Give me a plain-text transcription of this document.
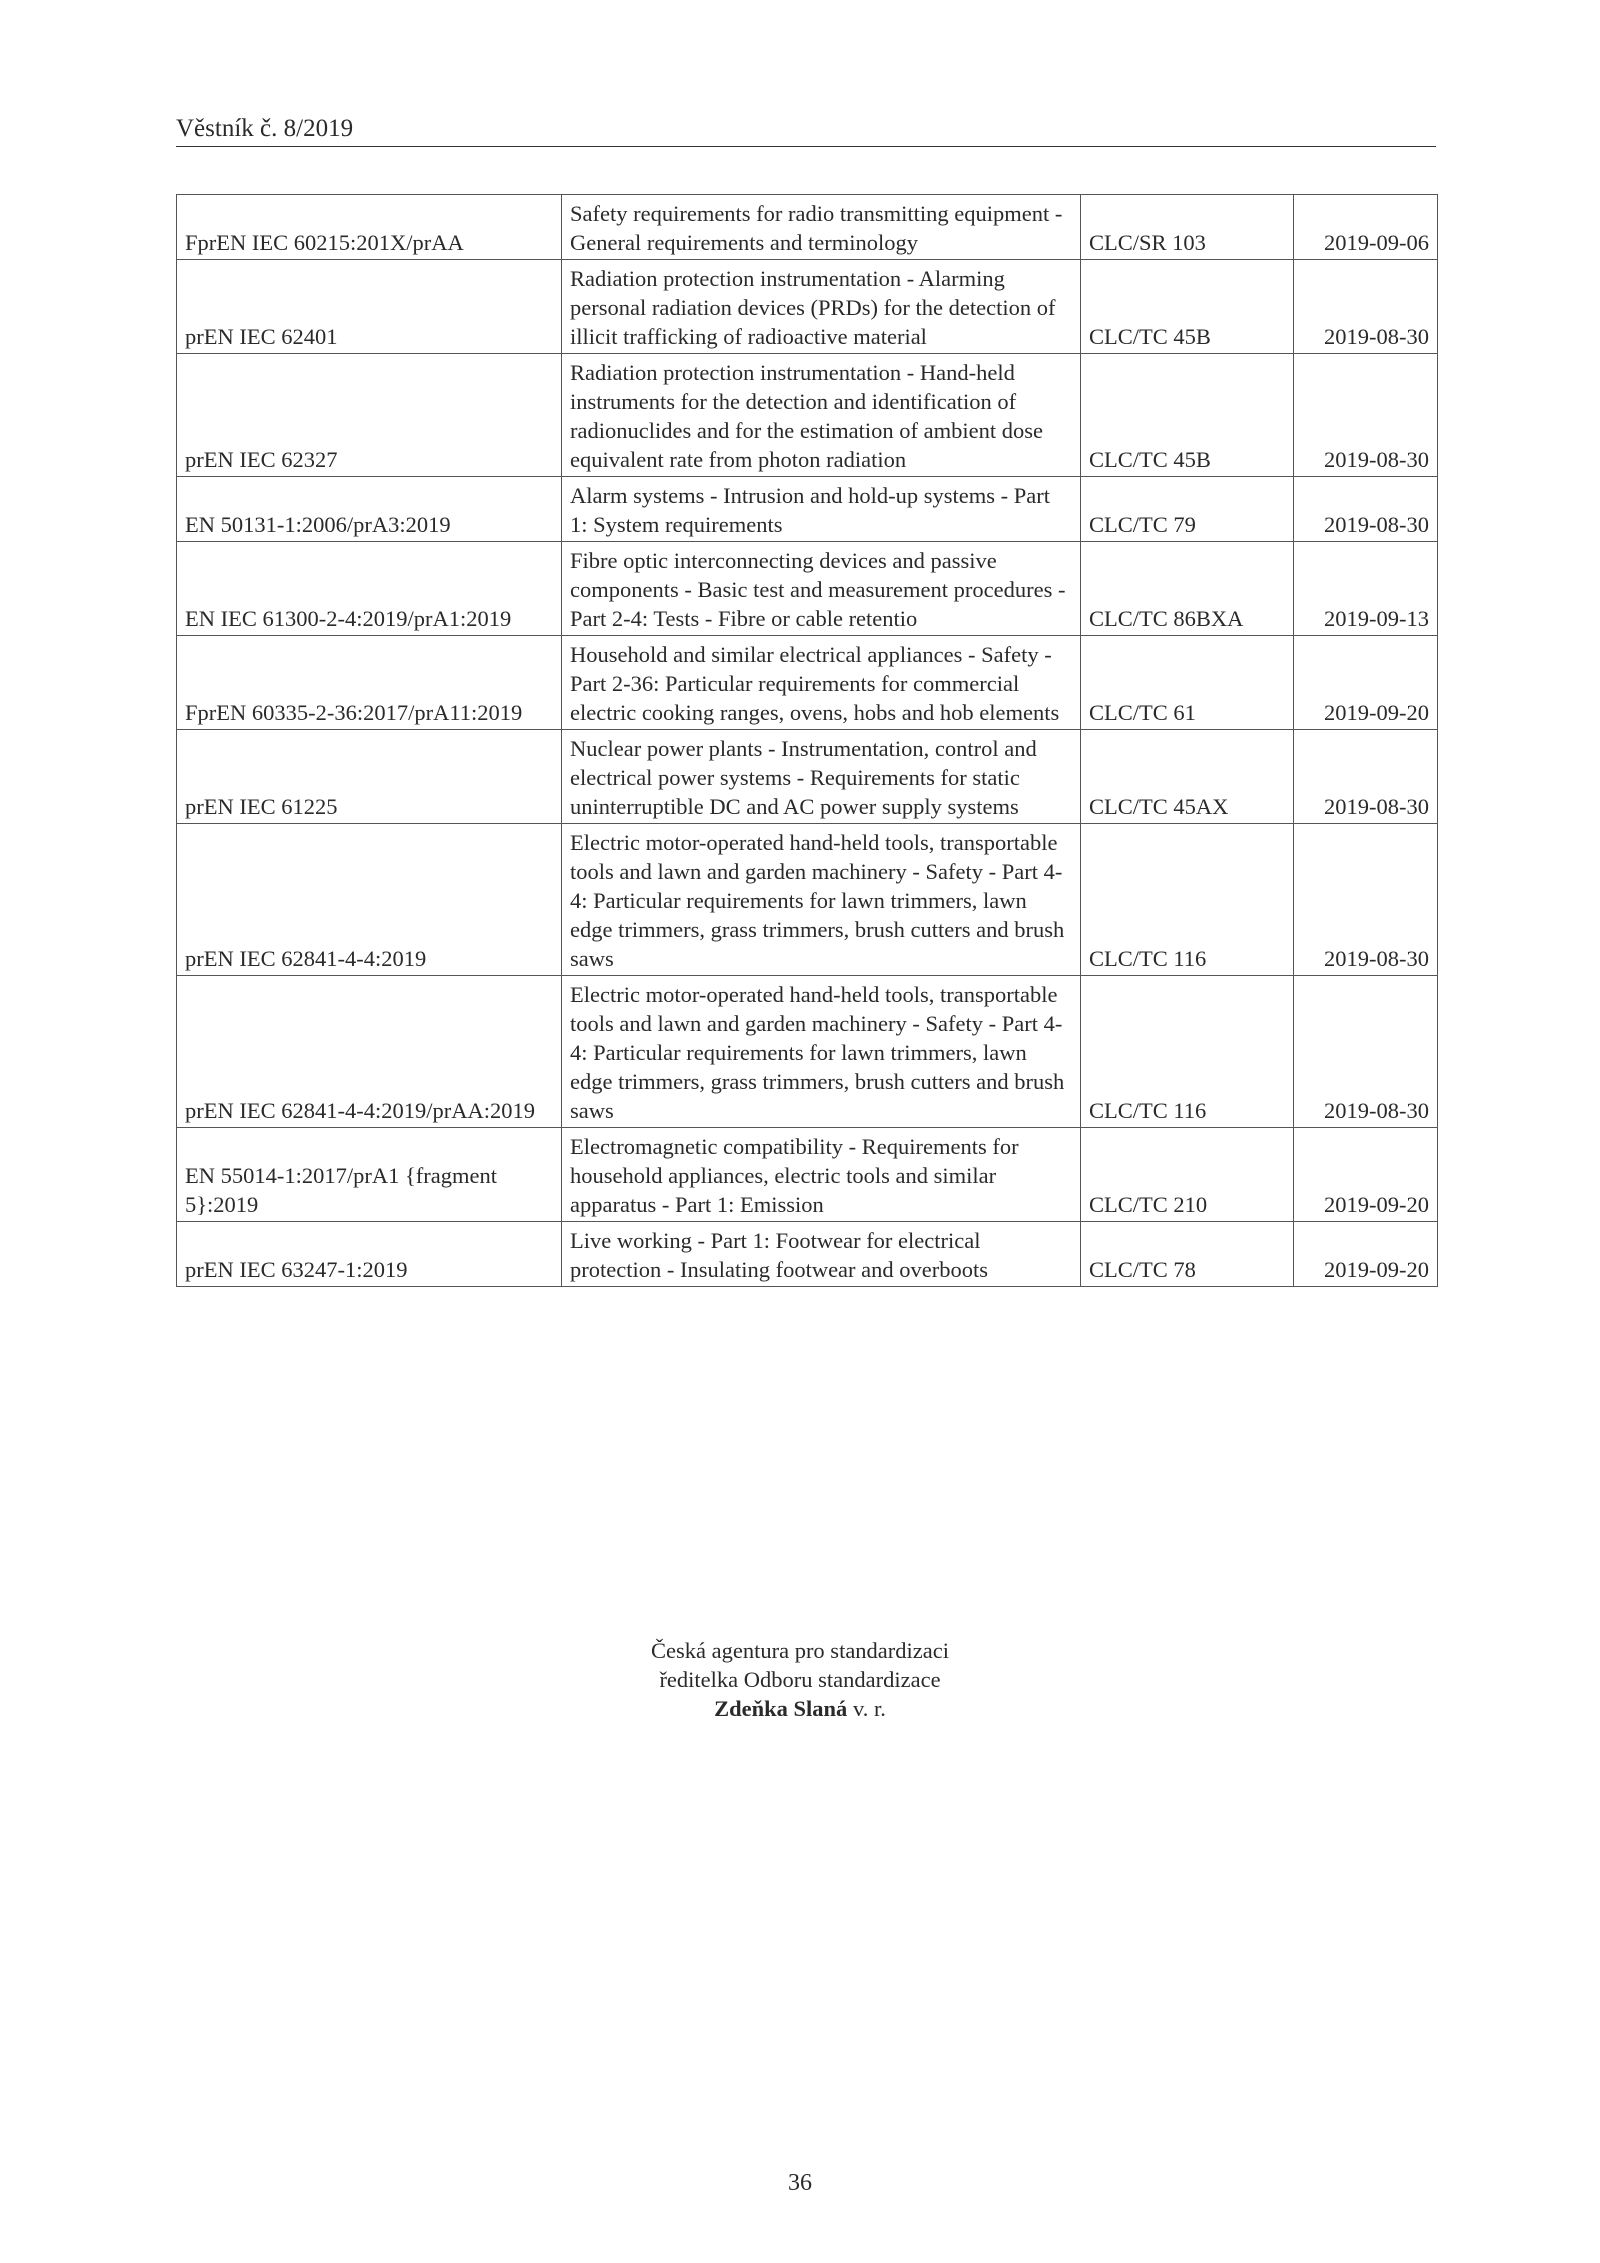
Věstník č. 8/2019
FprEN IEC 60215:201X/prAA	Safety requirements for radio transmitting equipment - General requirements and terminology	CLC/SR 103	2019-09-06
prEN IEC 62401	Radiation protection instrumentation - Alarming personal radiation devices (PRDs) for the detection of illicit trafficking of radioactive material	CLC/TC 45B	2019-08-30
prEN IEC 62327	Radiation protection instrumentation - Hand-held instruments for the detection and identification of radionuclides and for the estimation of ambient dose equivalent rate from photon radiation	CLC/TC 45B	2019-08-30
EN 50131-1:2006/prA3:2019	Alarm systems - Intrusion and hold-up systems - Part 1: System requirements	CLC/TC 79	2019-08-30
EN IEC 61300-2-4:2019/prA1:2019	Fibre optic interconnecting devices and passive components - Basic test and measurement procedures - Part 2-4: Tests - Fibre or cable retentio	CLC/TC 86BXA	2019-09-13
FprEN 60335-2-36:2017/prA11:2019	Household and similar electrical appliances - Safety - Part 2-36: Particular requirements for commercial electric cooking ranges, ovens, hobs and hob elements	CLC/TC 61	2019-09-20
prEN IEC 61225	Nuclear power plants - Instrumentation, control and electrical power systems - Requirements for static uninterruptible DC and AC power supply systems	CLC/TC 45AX	2019-08-30
prEN IEC 62841-4-4:2019	Electric motor-operated hand-held tools, transportable tools and lawn and garden machinery - Safety - Part 4-4: Particular requirements for lawn trimmers, lawn edge trimmers, grass trimmers, brush cutters and brush saws	CLC/TC 116	2019-08-30
prEN IEC 62841-4-4:2019/prAA:2019	Electric motor-operated hand-held tools, transportable tools and lawn and garden machinery - Safety - Part 4-4: Particular requirements for lawn trimmers, lawn edge trimmers, grass trimmers, brush cutters and brush saws	CLC/TC 116	2019-08-30
EN 55014-1:2017/prA1 {fragment 5}:2019	Electromagnetic compatibility - Requirements for household appliances, electric tools and similar apparatus - Part 1: Emission	CLC/TC 210	2019-09-20
prEN IEC 63247-1:2019	Live working - Part 1: Footwear for electrical protection - Insulating footwear and overboots	CLC/TC 78	2019-09-20
Česká agentura pro standardizaci
ředitelka Odboru standardizace
Zdeňka Slaná v. r.
36
